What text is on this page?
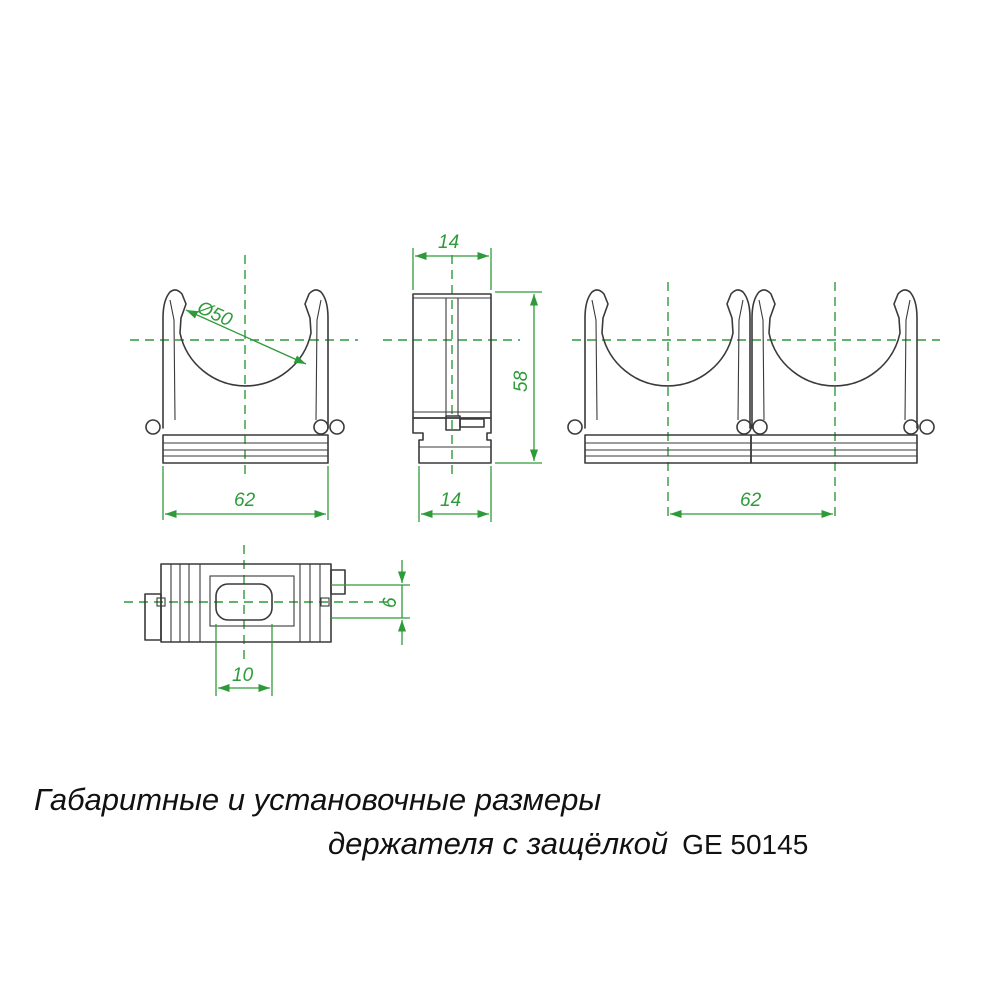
Ø50
62
14
14
58
62
6
10
Габаритные и установочные размеры
держателя с защёлкой GE 50145
